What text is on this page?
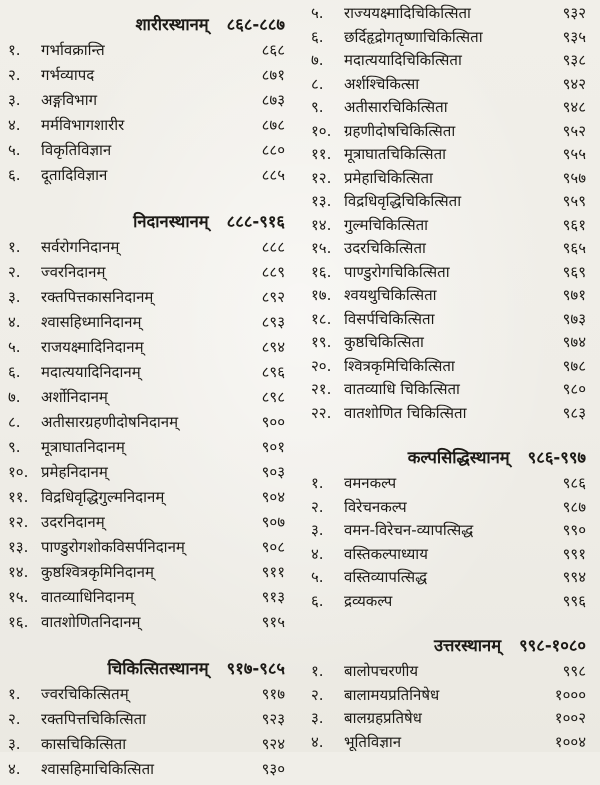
शारीरस्थानम् ८६८-८८७
१.	गर्भावक्रान्ति	८६८
२.	गर्भव्यापद	८७१
३.	अङ्गविभाग	८७३
४.	मर्मविभागशारीर	८७८
५.	विकृतिविज्ञान	८८०
६.	दूतादिविज्ञान	८८५
निदानस्थानम् ८८८-९१६
१.	सर्वरोगनिदानम्	८८८
२.	ज्वरनिदानम्	८८९
३.	रक्तपित्तकासनिदानम्	८९२
४.	श्वासहिध्मानिदानम्	८९३
५.	राजयक्ष्मादिनिदानम्	८९४
६.	मदात्ययादिनिदानम्	८९६
७.	अर्शोनिदानम्	८९८
८.	अतीसारग्रहणीदोषनिदानम्	९००
९.	मूत्राघातनिदानम्	९०१
१०. प्रमेहनिदानम्	९०३
११. विद्रधिवृद्धिगुल्मनिदानम्	९०४
१२. उदरनिदानम्	९०७
१३. पाण्डुरोगशोकविसर्पनिदानम्	९०८
१४. कुष्ठश्वित्रकृमिनिदानम्	९११
१५. वातव्याधिनिदानम्	९१३
१६. वातशोणितनिदानम्	९१५
चिकित्सितस्थानम् ९१७-९८५
१.	ज्वरचिकित्सितम्	९१७
२.	रक्तपित्तचिकित्सिता	९२३
३.	कासचिकित्सिता	९२४
४.	श्वासहिमाचिकित्सिता	९३०
५.	राज्ययक्ष्मादिचिकित्सिता	९३२
६.	छर्दिहृद्रोगतृष्णाचिकित्सिता	९३५
७.	मदात्ययादिचिकित्सिता	९३८
८.	अर्शश्चिकित्सा	९४२
९.	अतीसारचिकित्सिता	९४८
१०. ग्रहणीदोषचिकित्सिता	९५२
११. मूत्राघातचिकित्सिता	९५५
१२. प्रमेहाचिकित्सिता	९५७
१३. विद्रधिवृद्धिचिकित्सिता	९५९
१४. गुल्मचिकित्सिता	९६१
१५. उदरचिकित्सिता	९६५
१६. पाण्डुरोगचिकित्सिता	९६९
१७. श्वयथुचिकित्सिता	९७१
१८. विसर्पचिकित्सिता	९७३
१९. कुष्ठचिकित्सिता	९७४
२०. श्वित्रकृमिचिकित्सिता	९७८
२१. वातव्याधि चिकित्सिता	९८०
२२. वातशोणित चिकित्सिता	९८३
कल्पसिद्धिस्थानम् ९८६-९९७
१.	वमनकल्प	९८६
२.	विरेचनकल्प	९८७
३.	वमन-विरेचन-व्यापत्सिद्ध	९९०
४.	वस्तिकल्पाध्याय	९९१
५.	वस्तिव्यापत्सिद्ध	९९४
६.	द्रव्यकल्प	९९६
उत्तरस्थानम् ९९८-१०८०
१.	बालोपचरणीय	९९८
२.	बालामयप्रतिनिषेध	१०००
३.	बालग्रहप्रतिषेध	१००२
४.	भूतिविज्ञान	१००४
